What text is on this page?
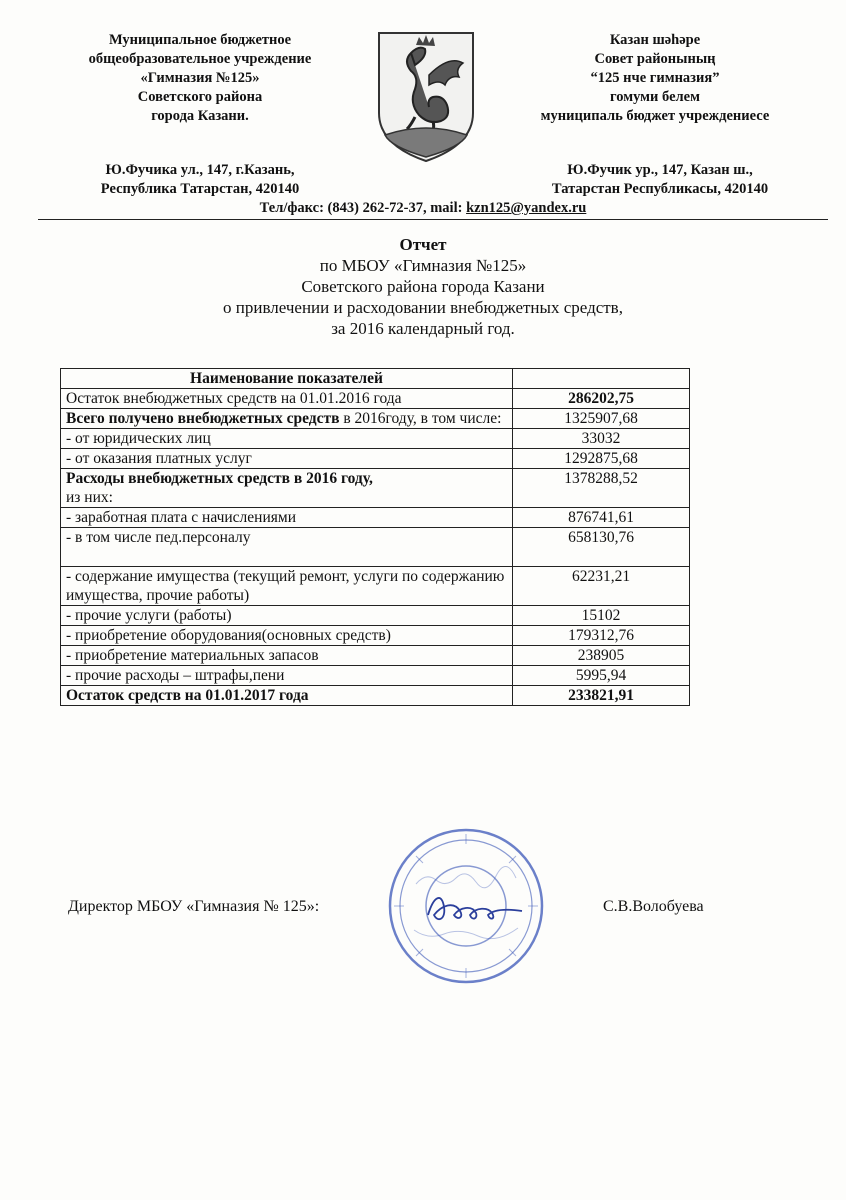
Муниципальное бюджетное
общеобразовательное учреждение
«Гимназия №125»
Советского района
города Казани.
Казан шәһәре
Совет районының
“125 нче гимназия”
гомуми белем
муниципаль бюджет учреждениесе
Ю.Фучика ул., 147, г.Казань,
Республика Татарстан, 420140
Ю.Фучик ур., 147, Казан ш.,
Татарстан Республикасы, 420140
Тел/факс: (843) 262-72-37, mail: kzn125@yandex.ru
Отчет
по МБОУ «Гимназия №125»
Советского района города Казани
о привлечении и расходовании внебюджетных средств,
за 2016 календарный год.
Наименование показателей	
Остаток внебюджетных средств на 01.01.2016 года	286202,75
Всего получено внебюджетных средств в 2016году, в том числе:	1325907,68
- от юридических лиц	33032
- от оказания платных услуг	1292875,68
Расходы внебюджетных средств в 2016 году,
из них:	1378288,52
- заработная плата с начислениями	876741,61
- в том числе пед.персоналу	658130,76
- содержание имущества (текущий ремонт, услуги по содержанию имущества, прочие работы)	62231,21
- прочие услуги (работы)	15102
- приобретение оборудования(основных средств)	179312,76
- приобретение материальных запасов	238905
- прочие расходы – штрафы,пени	5995,94
Остаток средств на 01.01.2017 года	233821,91
Директор МБОУ «Гимназия № 125»:	С.В.Волобуева
